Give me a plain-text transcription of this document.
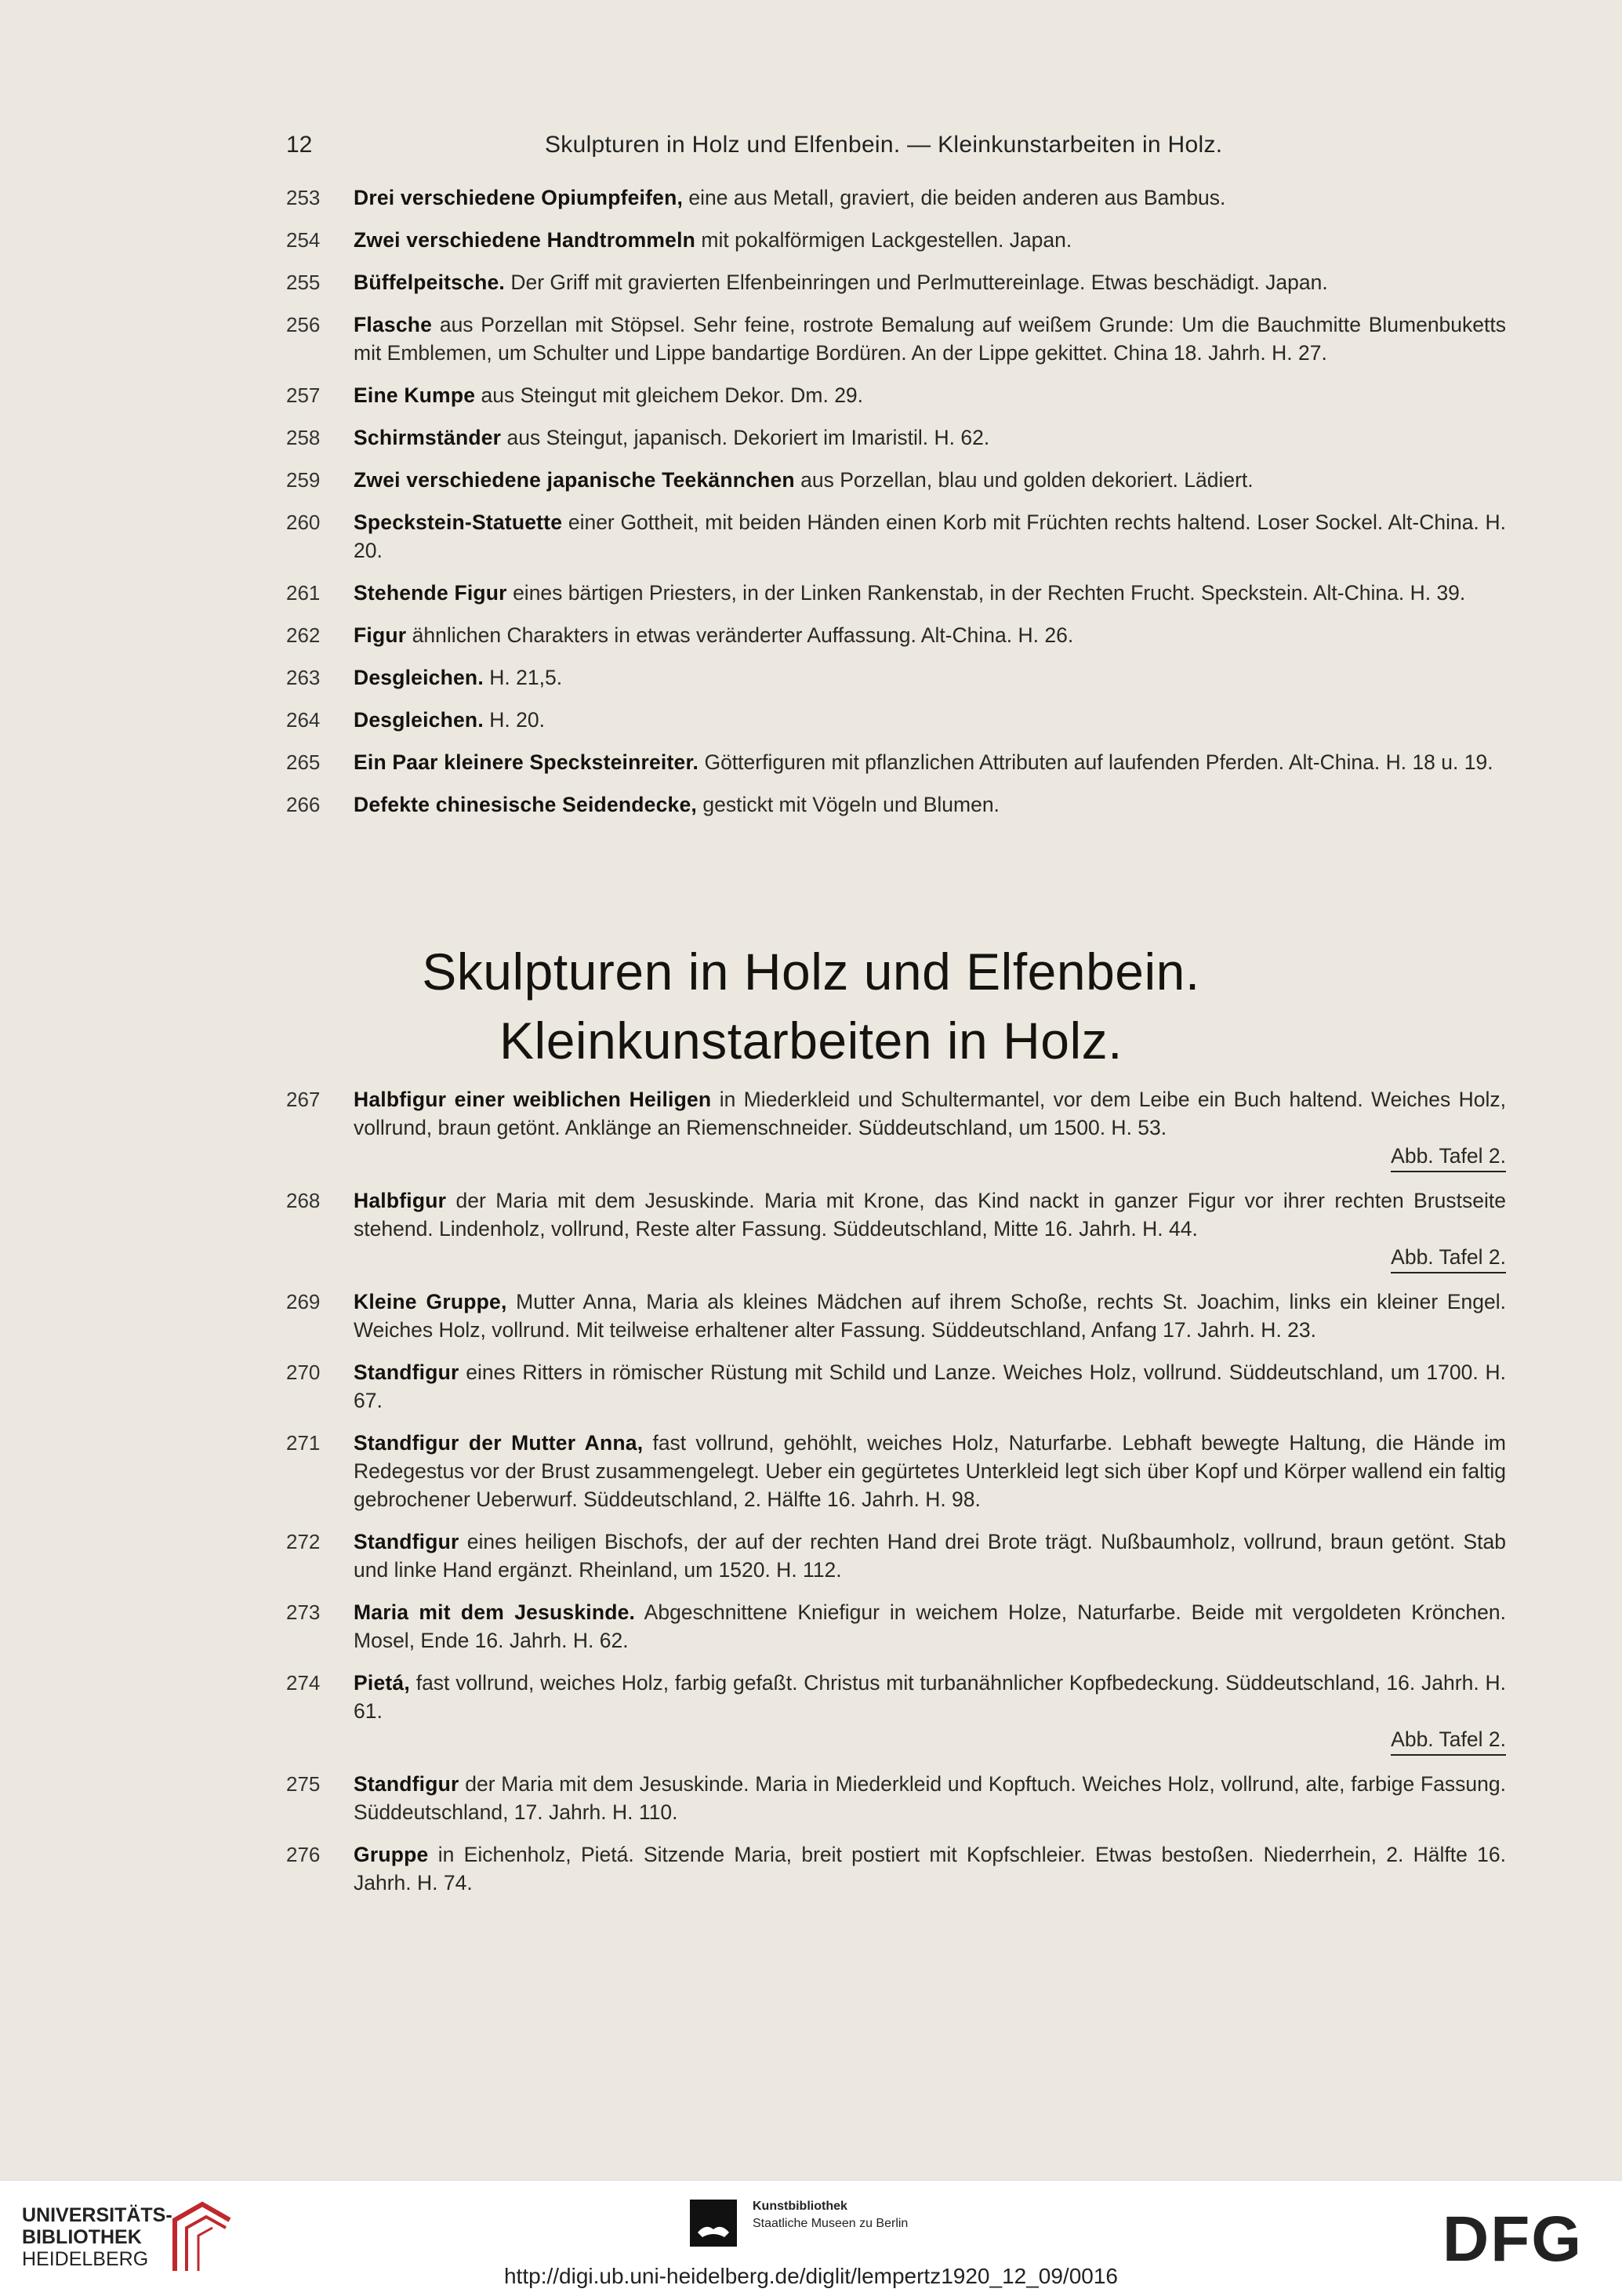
12	Skulpturen in Holz und Elfenbein. — Kleinkunstarbeiten in Holz.
253	Drei verschiedene Opiumpfeifen, eine aus Metall, graviert, die beiden anderen aus Bambus.
254	Zwei verschiedene Handtrommeln mit pokalförmigen Lackgestellen. Japan.
255	Büffelpeitsche. Der Griff mit gravierten Elfenbeinringen und Perlmuttereinlage. Etwas beschädigt. Japan.
256	Flasche aus Porzellan mit Stöpsel. Sehr feine, rostrote Bemalung auf weißem Grunde: Um die Bauchmitte Blumenbuketts mit Emblemen, um Schulter und Lippe bandartige Bordüren. An der Lippe gekittet. China 18. Jahrh. H. 27.
257	Eine Kumpe aus Steingut mit gleichem Dekor. Dm. 29.
258	Schirmständer aus Steingut, japanisch. Dekoriert im Imaristil. H. 62.
259	Zwei verschiedene japanische Teekännchen aus Porzellan, blau und golden dekoriert. Lädiert.
260	Speckstein-Statuette einer Gottheit, mit beiden Händen einen Korb mit Früchten rechts haltend. Loser Sockel. Alt-China. H. 20.
261	Stehende Figur eines bärtigen Priesters, in der Linken Rankenstab, in der Rechten Frucht. Speckstein. Alt-China. H. 39.
262	Figur ähnlichen Charakters in etwas veränderter Auffassung. Alt-China. H. 26.
263	Desgleichen. H. 21,5.
264	Desgleichen. H. 20.
265	Ein Paar kleinere Specksteinreiter. Götterfiguren mit pflanzlichen Attributen auf laufenden Pferden. Alt-China. H. 18 u. 19.
266	Defekte chinesische Seidendecke, gestickt mit Vögeln und Blumen.
Skulpturen in Holz und Elfenbein.
Kleinkunstarbeiten in Holz.
267	Halbfigur einer weiblichen Heiligen in Miederkleid und Schultermantel, vor dem Leibe ein Buch haltend. Weiches Holz, vollrund, braun getönt. Anklänge an Riemenschneider. Süddeutschland, um 1500. H. 53.
Abb. Tafel 2.
268	Halbfigur der Maria mit dem Jesuskinde. Maria mit Krone, das Kind nackt in ganzer Figur vor ihrer rechten Brustseite stehend. Lindenholz, vollrund, Reste alter Fassung. Süddeutschland, Mitte 16. Jahrh. H. 44.
Abb. Tafel 2.
269	Kleine Gruppe, Mutter Anna, Maria als kleines Mädchen auf ihrem Schoße, rechts St. Joachim, links ein kleiner Engel. Weiches Holz, vollrund. Mit teilweise erhaltener alter Fassung. Süddeutschland, Anfang 17. Jahrh. H. 23.
270	Standfigur eines Ritters in römischer Rüstung mit Schild und Lanze. Weiches Holz, vollrund. Süddeutschland, um 1700. H. 67.
271	Standfigur der Mutter Anna, fast vollrund, gehöhlt, weiches Holz, Naturfarbe. Lebhaft bewegte Haltung, die Hände im Redegestus vor der Brust zusammengelegt. Ueber ein gegürtetes Unterkleid legt sich über Kopf und Körper wallend ein faltig gebrochener Ueberwurf. Süddeutschland, 2. Hälfte 16. Jahrh. H. 98.
272	Standfigur eines heiligen Bischofs, der auf der rechten Hand drei Brote trägt. Nußbaumholz, vollrund, braun getönt. Stab und linke Hand ergänzt. Rheinland, um 1520. H. 112.
273	Maria mit dem Jesuskinde. Abgeschnittene Kniefigur in weichem Holze, Naturfarbe. Beide mit vergoldeten Krönchen. Mosel, Ende 16. Jahrh. H. 62.
274	Pietá, fast vollrund, weiches Holz, farbig gefaßt. Christus mit turbanähnlicher Kopfbedeckung. Süddeutschland, 16. Jahrh. H. 61.
Abb. Tafel 2.
275	Standfigur der Maria mit dem Jesuskinde. Maria in Miederkleid und Kopftuch. Weiches Holz, vollrund, alte, farbige Fassung. Süddeutschland, 17. Jahrh. H. 110.
276	Gruppe in Eichenholz, Pietá. Sitzende Maria, breit postiert mit Kopfschleier. Etwas bestoßen. Niederrhein, 2. Hälfte 16. Jahrh. H. 74.
UNIVERSITÄTS-
BIBLIOTHEK
HEIDELBERG
Kunstbibliothek
Staatliche Museen zu Berlin	DFG
http://digi.ub.uni-heidelberg.de/diglit/lempertz1920_12_09/0016
